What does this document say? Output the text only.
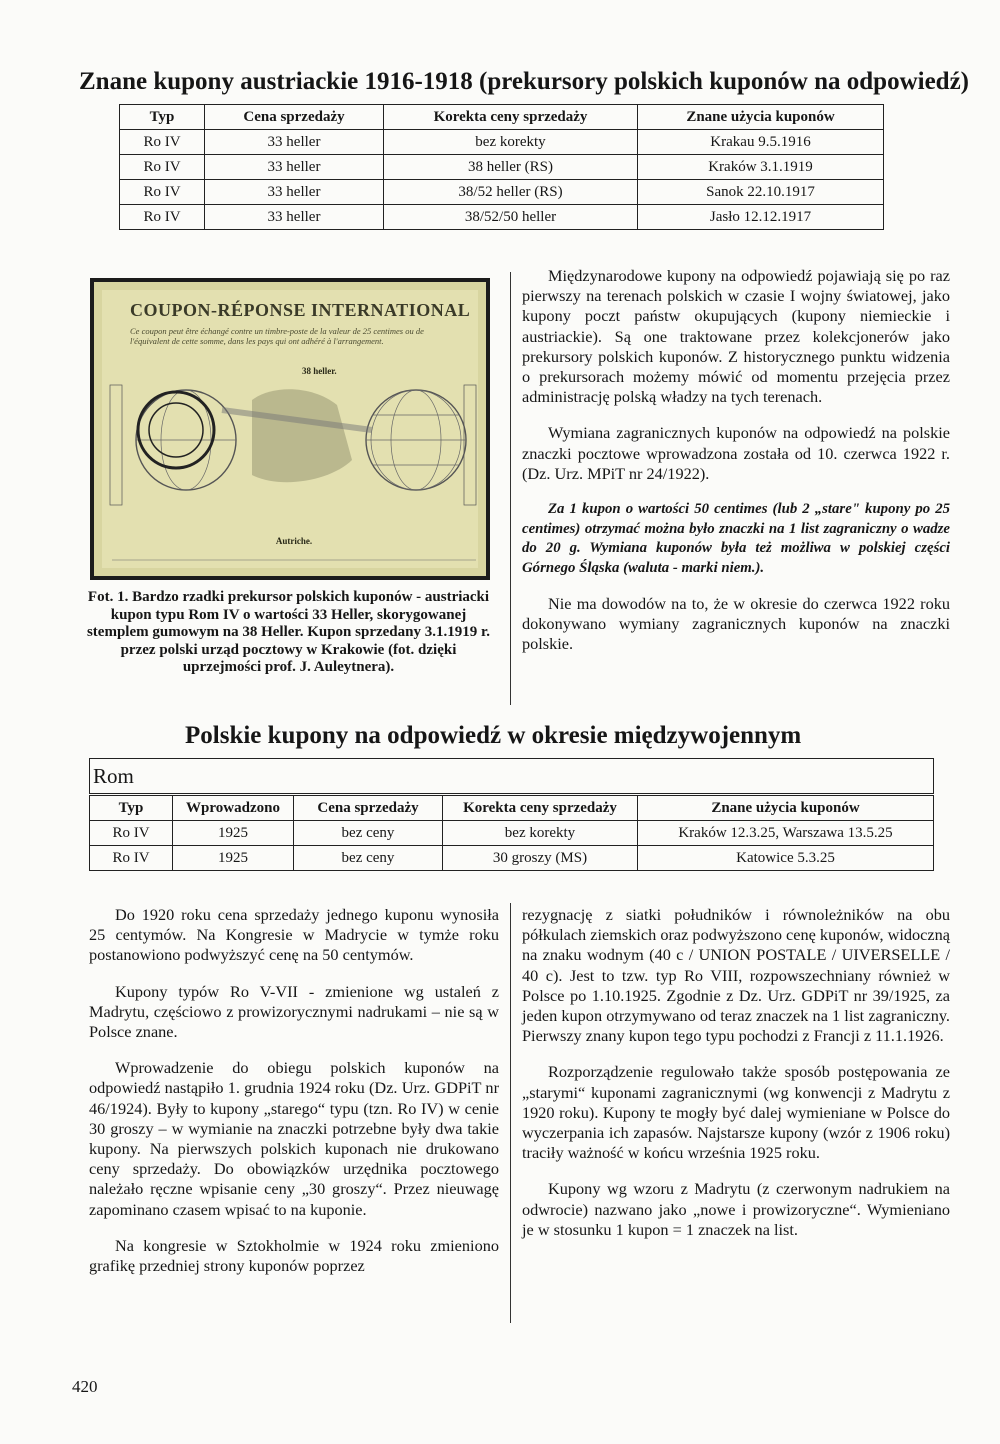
Znane kupony austriackie 1916-1918 (prekursory polskich kuponów na odpowiedź)
Typ	Cena sprzedaży	Korekta ceny sprzedaży	Znane użycia kuponów
Ro IV	33 heller	bez korekty	Krakau 9.5.1916
Ro IV	33 heller	38 heller (RS)	Kraków 3.1.1919
Ro IV	33 heller	38/52 heller (RS)	Sanok 22.10.1917
Ro IV	33 heller	38/52/50 heller	Jasło 12.12.1917
COUPON-RÉPONSE INTERNATIONAL
Ce coupon peut être échangé contre un timbre-poste de la valeur de 25 centimes ou de l'équivalent de cette somme, dans les pays qui ont adhéré à l'arrangement.
38 heller.
Autriche.
Fot. 1. Bardzo rzadki prekursor polskich kuponów - austriacki kupon typu Rom IV o wartości 33 Heller, skorygowanej stemplem gumowym na 38 Heller. Kupon sprzedany 3.1.1919 r. przez polski urząd pocztowy w Krakowie (fot. dzięki uprzejmości prof. J. Auleytnera).

Międzynarodowe kupony na odpowiedź pojawiają się po raz pierwszy na terenach polskich w czasie I wojny światowej, jako kupony poczt państw okupujących (kupony niemieckie i austriackie). Są one traktowane przez kolekcjonerów jako prekursory polskich kuponów. Z historycznego punktu widzenia o prekursorach możemy mówić od momentu przejęcia przez administrację polską władzy na tych terenach.

Wymiana zagranicznych kuponów na odpowiedź na polskie znaczki pocztowe wprowadzona została od 10. czerwca 1922 r. (Dz. Urz. MPiT nr 24/1922).

Za 1 kupon o wartości 50 centimes (lub 2 „stare" kupony po 25 centimes) otrzymać można było znaczki na 1 list zagraniczny o wadze do 20 g. Wymiana kuponów była też możliwa w polskiej części Górnego Śląska (waluta - marki niem.).

Nie ma dowodów na to, że w okresie do czerwca 1922 roku dokonywano wymiany zagranicznych kuponów na znaczki polskie.

Polskie kupony na odpowiedź w okresie międzywojennym
Rom
Typ	Wprowadzono	Cena sprzedaży	Korekta ceny sprzedaży	Znane użycia kuponów
Ro IV	1925	bez ceny	bez korekty	Kraków 12.3.25, Warszawa 13.5.25
Ro IV	1925	bez ceny	30 groszy (MS)	Katowice 5.3.25

Do 1920 roku cena sprzedaży jednego kuponu wynosiła 25 centymów. Na Kongresie w Madrycie w tymże roku postanowiono podwyższyć cenę na 50 centymów.

Kupony typów Ro V-VII - zmienione wg ustaleń z Madrytu, częściowo z prowizorycznymi nadrukami – nie są w Polsce znane.

Wprowadzenie do obiegu polskich kuponów na odpowiedź nastąpiło 1. grudnia 1924 roku (Dz. Urz. GDPiT nr 46/1924). Były to kupony „starego“ typu (tzn. Ro IV) w cenie 30 groszy – w wymianie na znaczki potrzebne były dwa takie kupony. Na pierwszych polskich kuponach nie drukowano ceny sprzedaży. Do obowiązków urzędnika pocztowego należało ręczne wpisanie ceny „30 groszy“. Przez nieuwagę zapominano czasem wpisać to na kuponie.

Na kongresie w Sztokholmie w 1924 roku zmieniono grafikę przedniej strony kuponów poprzez

rezygnację z siatki południków i równoleżników na obu półkulach ziemskich oraz podwyższono cenę kuponów, widoczną na znaku wodnym (40 c / UNION POSTALE / UIVERSELLE / 40 c). Jest to tzw. typ Ro VIII, rozpowszechniany również w Polsce po 1.10.1925. Zgodnie z Dz. Urz. GDPiT nr 39/1925, za jeden kupon otrzymywano od teraz znaczek na 1 list zagraniczny. Pierwszy znany kupon tego typu pochodzi z Francji z 11.1.1926.

Rozporządzenie regulowało także sposób postępowania ze „starymi“ kuponami zagranicznymi (wg konwencji z Madrytu z 1920 roku). Kupony te mogły być dalej wymieniane w Polsce do wyczerpania ich zapasów. Najstarsze kupony (wzór z 1906 roku) traciły ważność w końcu września 1925 roku.

Kupony wg wzoru z Madrytu (z czerwonym nadrukiem na odwrocie) nazwano jako „nowe i prowizoryczne“. Wymieniano je w stosunku 1 kupon = 1 znaczek na list.

420
